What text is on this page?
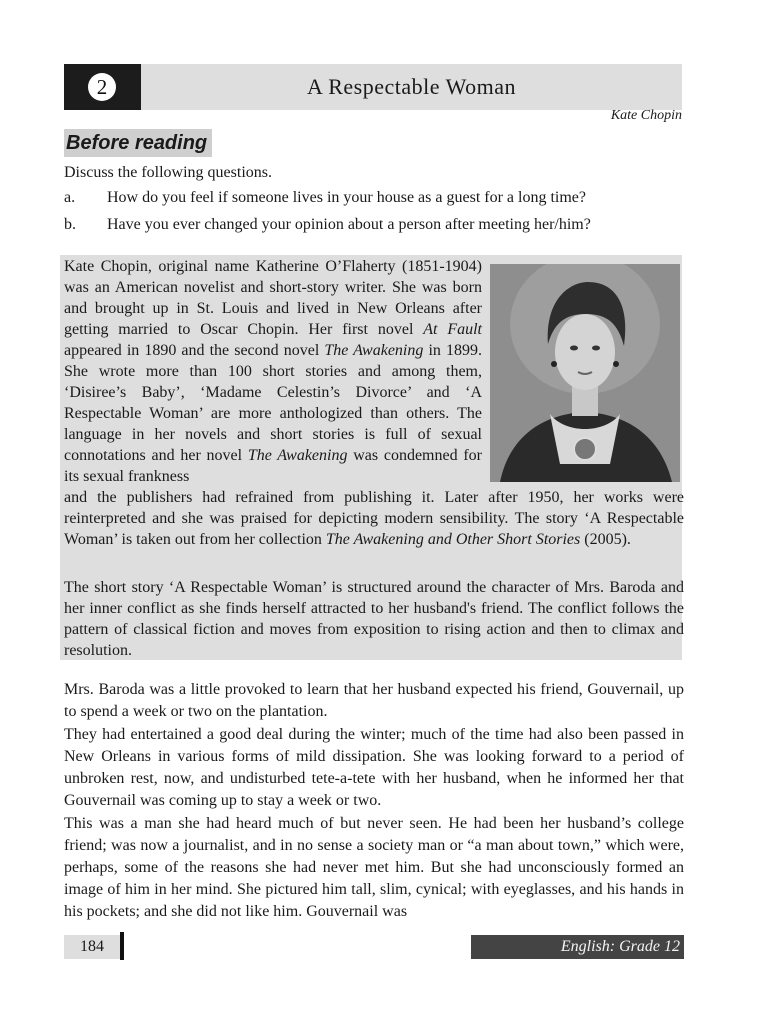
2	A Respectable Woman
Kate Chopin
Before reading
Discuss the following questions.
a. How do you feel if someone lives in your house as a guest for a long time?
b. Have you ever changed your opinion about a person after meeting her/him?

Kate Chopin, original name Katherine O’Flaherty (1851-1904) was an American novelist and short-story writer. She was born and brought up in St. Louis and lived in New Orleans after getting married to Oscar Chopin. Her first novel At Fault appeared in 1890 and the second novel The Awakening in 1899. She wrote more than 100 short stories and among them, ‘Disiree’s Baby’, ‘Madame Celestin’s Divorce’ and ‘A Respectable Woman’ are more anthologized than others. The language in her novels and short stories is full of sexual connotations and her novel The Awakening was condemned for its sexual frankness
and the publishers had refrained from publishing it. Later after 1950, her works were reinterpreted and she was praised for depicting modern sensibility. The story ‘A Respectable Woman’ is taken out from her collection The Awakening and Other Short Stories (2005).

The short story ‘A Respectable Woman’ is structured around the character of Mrs. Baroda and her inner conflict as she finds herself attracted to her husband's friend. The conflict follows the pattern of classical fiction and moves from exposition to rising action and then to climax and resolution.

Mrs. Baroda was a little provoked to learn that her husband expected his friend, Gouvernail, up to spend a week or two on the plantation.

They had entertained a good deal during the winter; much of the time had also been passed in New Orleans in various forms of mild dissipation. She was looking forward to a period of unbroken rest, now, and undisturbed tete-a-tete with her husband, when he informed her that Gouvernail was coming up to stay a week or two.

This was a man she had heard much of but never seen. He had been her husband’s college friend; was now a journalist, and in no sense a society man or “a man about town,” which were, perhaps, some of the reasons she had never met him. But she had unconsciously formed an image of him in her mind. She pictured him tall, slim, cynical; with eyeglasses, and his hands in his pockets; and she did not like him. Gouvernail was

184	English: Grade 12
